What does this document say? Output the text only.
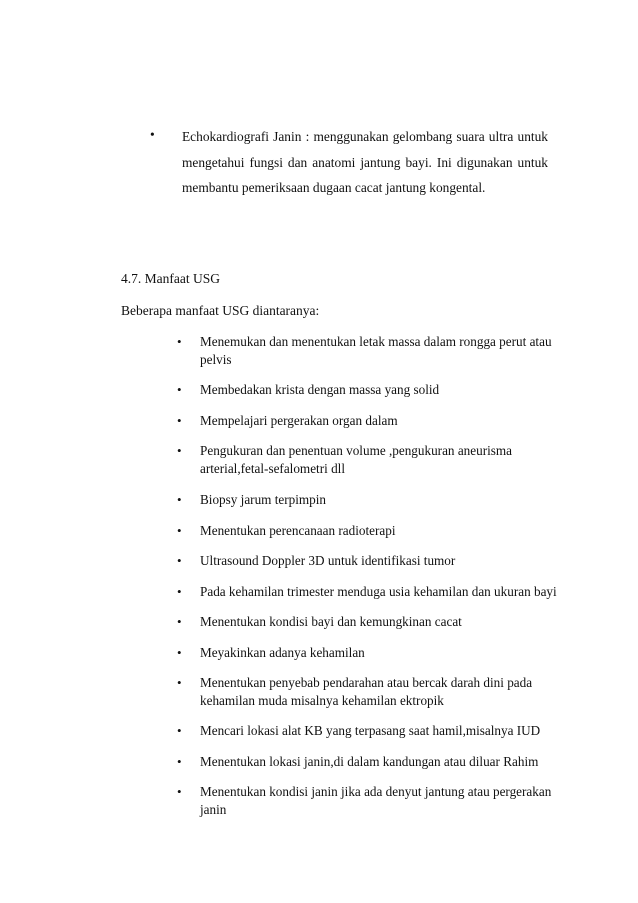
• Echokardiografi Janin : menggunakan gelombang suara ultra untuk
mengetahui fungsi dan anatomi jantung bayi. Ini digunakan untuk
membantu pemeriksaan dugaan cacat jantung kongental.
4.7. Manfaat USG
Beberapa manfaat USG diantaranya:
• Menemukan dan menentukan letak massa dalam rongga perut atau
pelvis
• Membedakan krista dengan massa yang solid
• Mempelajari pergerakan organ dalam
• Pengukuran dan penentuan volume ,pengukuran aneurisma
arterial,fetal-sefalometri dll
• Biopsy jarum terpimpin
• Menentukan perencanaan radioterapi
• Ultrasound Doppler 3D untuk identifikasi tumor
• Pada kehamilan trimester menduga usia kehamilan dan ukuran bayi
• Menentukan kondisi bayi dan kemungkinan cacat
• Meyakinkan adanya kehamilan
• Menentukan penyebab pendarahan atau bercak darah dini pada
kehamilan muda misalnya kehamilan ektropik
• Mencari lokasi alat KB yang terpasang saat hamil,misalnya IUD
• Menentukan lokasi janin,di dalam kandungan atau diluar Rahim
• Menentukan kondisi janin jika ada denyut jantung atau pergerakan
janin
